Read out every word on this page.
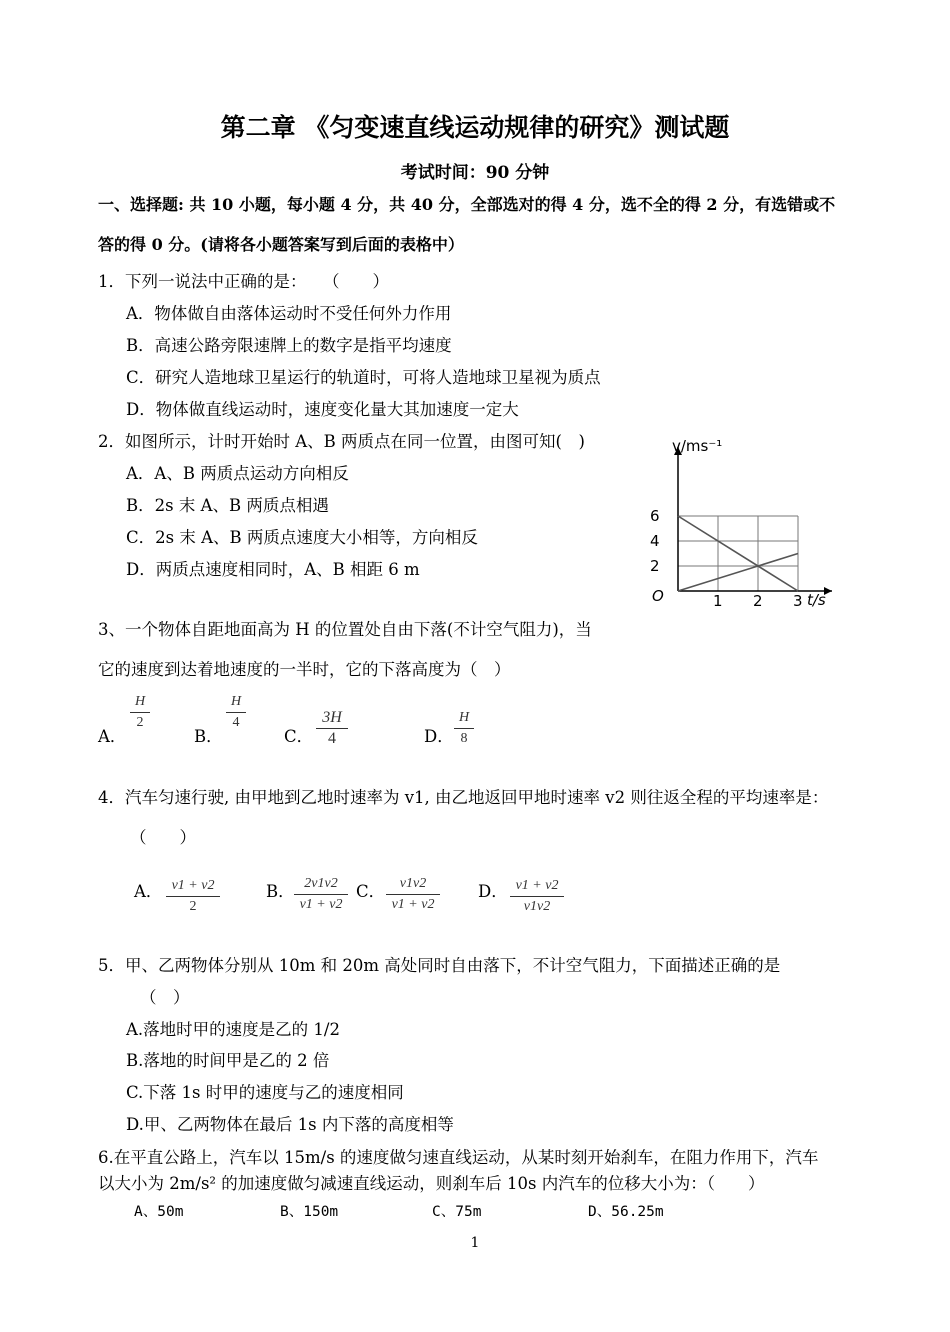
第二章 《匀变速直线运动规律的研究》测试题
考试时间：90 分钟
一、选择题: 共 10 小题，每小题 4 分，共 40 分，全部选对的得 4 分，选不全的得 2 分，有选错或不
答的得 0 分。(请将各小题答案写到后面的表格中）
1．下列一说法中正确的是：　　（　　）
A．物体做自由落体运动时不受任何外力作用
B．高速公路旁限速牌上的数字是指平均速度
C．研究人造地球卫星运行的轨道时，可将人造地球卫星视为质点
D．物体做直线运动时，速度变化量大其加速度一定大
2．如图所示，计时开始时 A、B 两质点在同一位置，由图可知(　)
A．A、B 两质点运动方向相反
B．2s 末 A、B 两质点相遇
C．2s 末 A、B 两质点速度大小相等，方向相反
D．两质点速度相同时，A、B 相距 6 m
v/ms⁻¹
t/s
O	1 2 3
2
4
6
3、一个物体自距地面高为 H 的位置处自由下落(不计空气阻力)，当
它的速度到达着地速度的一半时，它的下落高度为（　）
A．
$\frac{H}{2}$
B．
$\frac{H}{4}$
C． $\frac{3H}{4}$	D． $\frac{H}{8}$
4．汽车匀速行驶, 由甲地到乙地时速率为 v1, 由乙地返回甲地时速率 v2 则往返全程的平均速率是：
（　　）
A． $\frac{v1 + v2}{2}$	B． $\frac{2v1v2}{v1 + v2}$ C． $\frac{v1v2}{v1 + v2}$ D． $\frac{v1 + v2}{v1v2}$
5．甲、乙两物体分别从 10m 和 20m 高处同时自由落下，不计空气阻力，下面描述正确的是
（　）
A.落地时甲的速度是乙的 1/2
B.落地的时间甲是乙的 2 倍
C.下落 1s 时甲的速度与乙的速度相同
D.甲、乙两物体在最后 1s 内下落的高度相等
6.在平直公路上，汽车以 15m/s 的速度做匀速直线运动，从某时刻开始刹车，在阻力作用下，汽车
以大小为 2m/s² 的加速度做匀减速直线运动，则刹车后 10s 内汽车的位移大小为：（　　）
A、50m	B、150m	C、75m	D、56.25m
1
